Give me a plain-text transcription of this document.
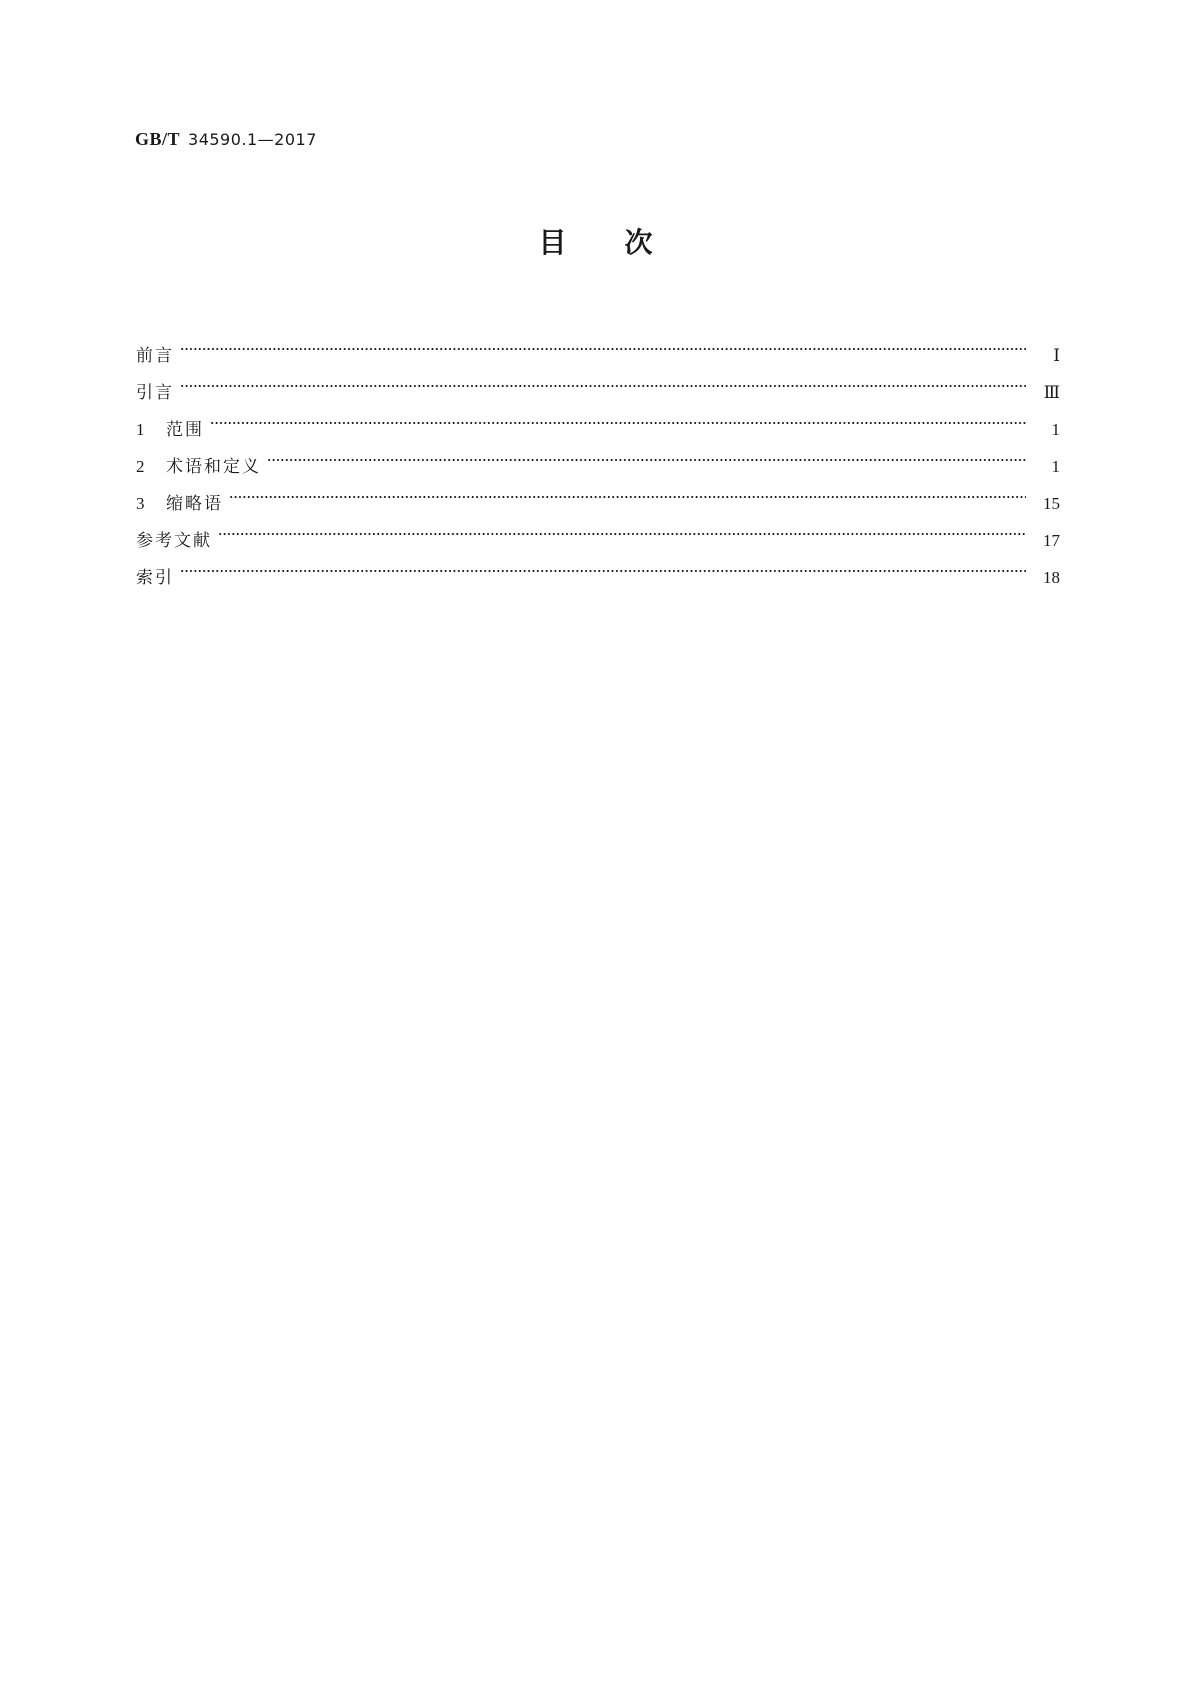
GB/T 34590.1—2017
目 次
前言	Ⅰ
引言	Ⅲ
1	范围	1
2	术语和定义	1
3	缩略语	15
参考文献	17
索引	18
